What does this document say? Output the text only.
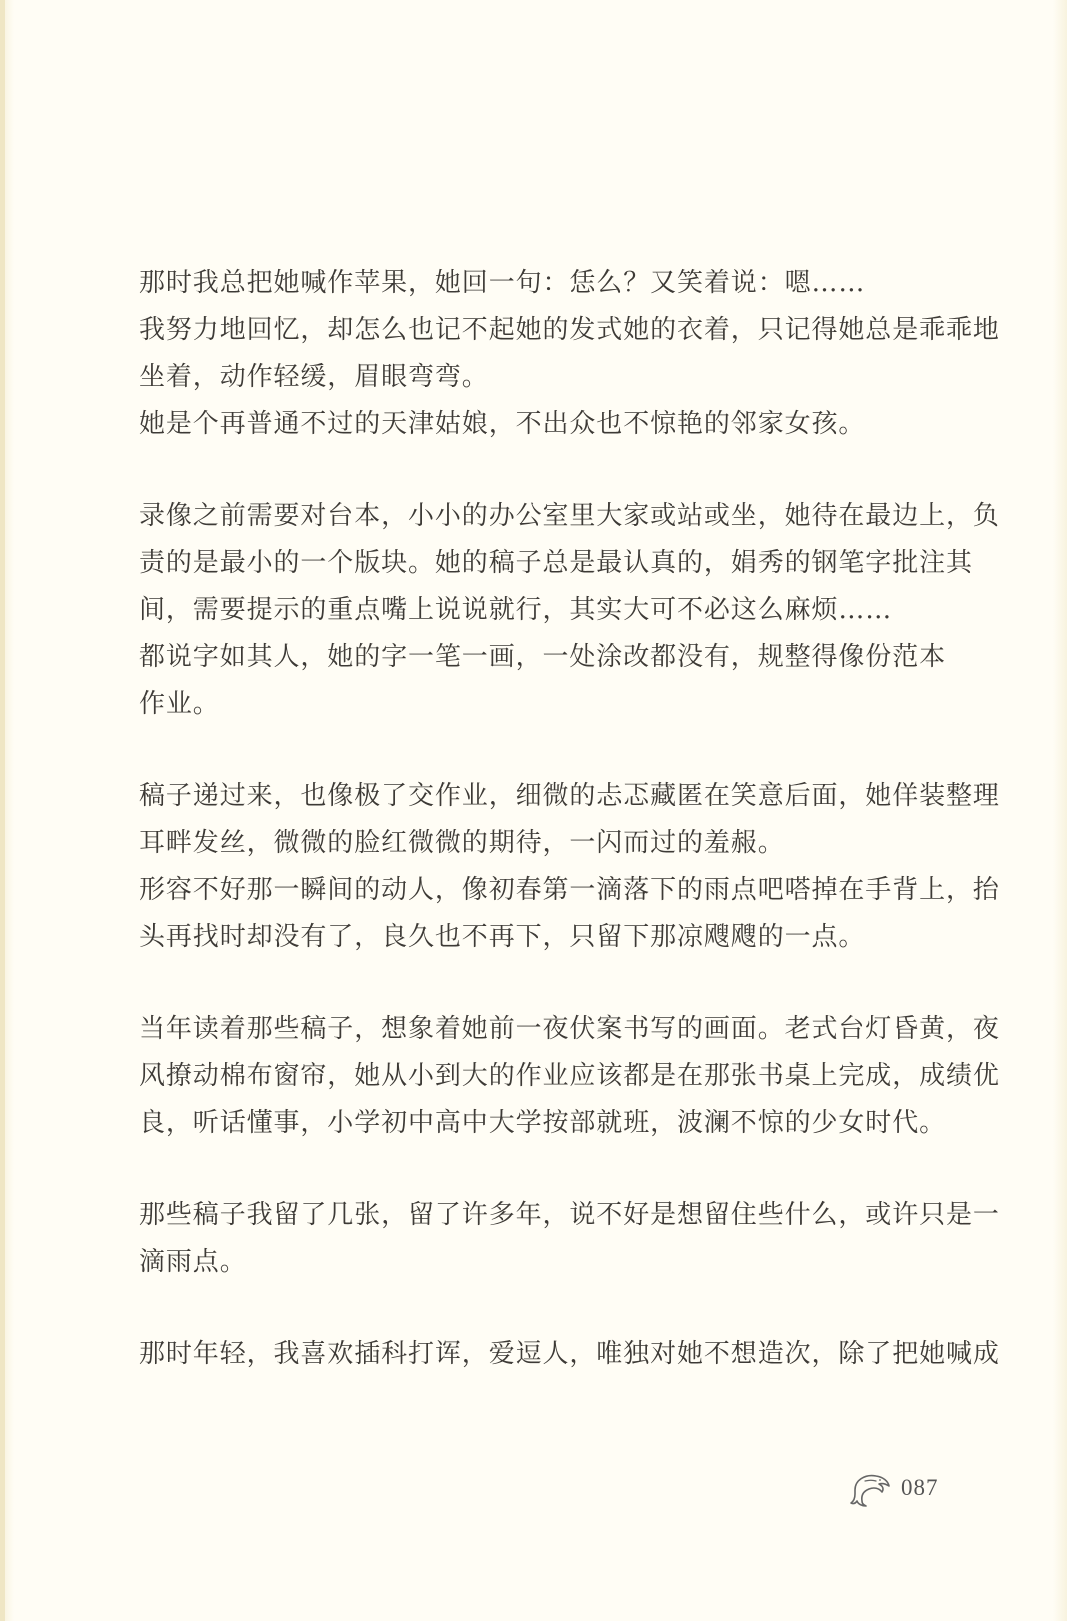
那时我总把她喊作苹果，她回一句：恁么？又笑着说：嗯……
我努力地回忆，却怎么也记不起她的发式她的衣着，只记得她总是乖乖地
坐着，动作轻缓，眉眼弯弯。
她是个再普通不过的天津姑娘，不出众也不惊艳的邻家女孩。

录像之前需要对台本，小小的办公室里大家或站或坐，她待在最边上，负
责的是最小的一个版块。她的稿子总是最认真的，娟秀的钢笔字批注其
间，需要提示的重点嘴上说说就行，其实大可不必这么麻烦……
都说字如其人，她的字一笔一画，一处涂改都没有，规整得像份范本
作业。

稿子递过来，也像极了交作业，细微的忐忑藏匿在笑意后面，她佯装整理
耳畔发丝，微微的脸红微微的期待，一闪而过的羞赧。
形容不好那一瞬间的动人，像初春第一滴落下的雨点吧嗒掉在手背上，抬
头再找时却没有了，良久也不再下，只留下那凉飕飕的一点。

当年读着那些稿子，想象着她前一夜伏案书写的画面。老式台灯昏黄，夜
风撩动棉布窗帘，她从小到大的作业应该都是在那张书桌上完成，成绩优
良，听话懂事，小学初中高中大学按部就班，波澜不惊的少女时代。

那些稿子我留了几张，留了许多年，说不好是想留住些什么，或许只是一
滴雨点。

那时年轻，我喜欢插科打诨，爱逗人，唯独对她不想造次，除了把她喊成

087
